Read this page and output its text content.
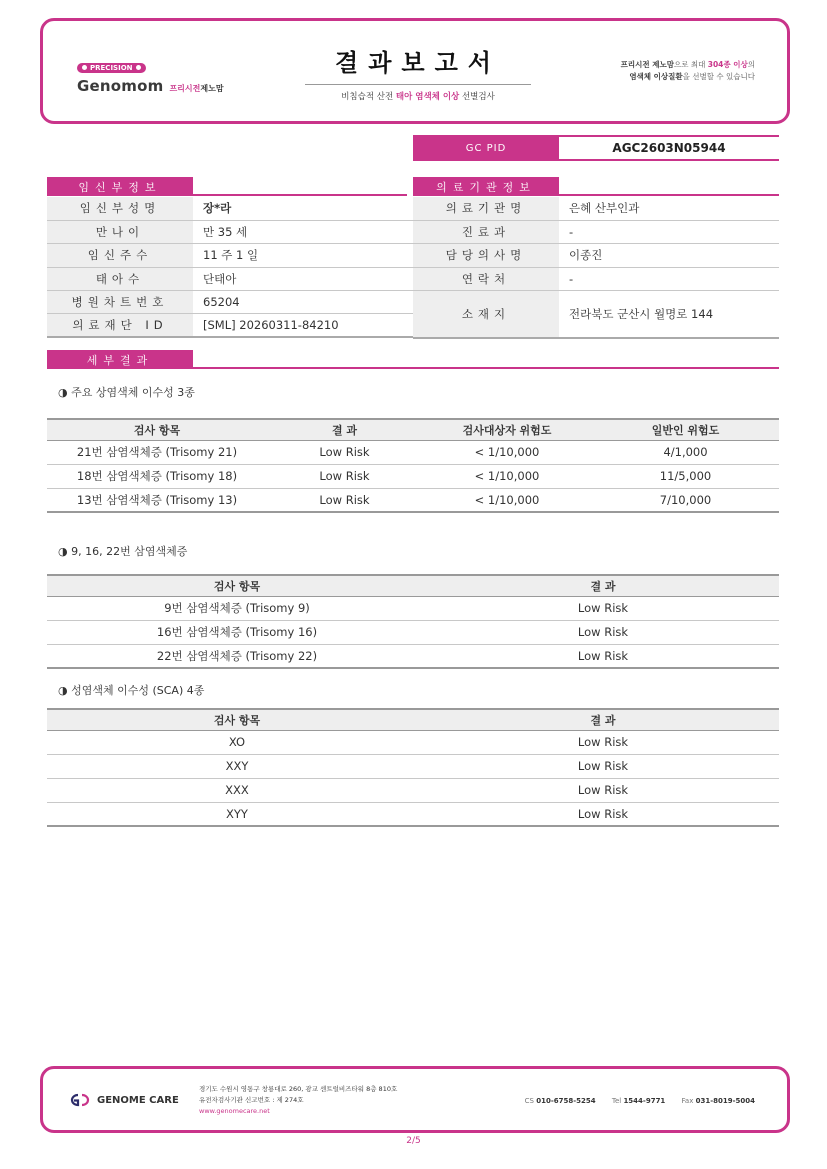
PRECISION
Genomom 프리시전제노맘
결과보고서
비침습적 산전 태아 염색체 이상 선별검사
프리시전 제노맘으로 최대 304종 이상의
염색체 이상질환을 선별할 수 있습니다
GC PID	AGC2603N05944
임신부정보
임신부성명	장*라
만나이	만 35 세
임신주수	11 주 1 일
태아수	단태아
병원차트번호	65204
의료재단 ID	[SML] 20260311-84210
의료기관정보
의료기관명	은혜 산부인과
진료과	-
담당의사명	이종진
연락처	-
소재지	전라북도 군산시 월명로 144
세부결과
◑ 주요 상염색체 이수성 3종
검사 항목	결 과	검사대상자 위험도	일반인 위험도
21번 삼염색체증 (Trisomy 21)	Low Risk	< 1/10,000	4/1,000
18번 삼염색체증 (Trisomy 18)	Low Risk	< 1/10,000	11/5,000
13번 삼염색체증 (Trisomy 13)	Low Risk	< 1/10,000	7/10,000
◑ 9, 16, 22번 삼염색체증
검사 항목	결 과
9번 삼염색체증 (Trisomy 9)	Low Risk
16번 삼염색체증 (Trisomy 16)	Low Risk
22번 삼염색체증 (Trisomy 22)	Low Risk
◑ 성염색체 이수성 (SCA) 4종
검사 항목	결 과
XO	Low Risk
XXY	Low Risk
XXX	Low Risk
XYY	Low Risk
GENOME CARE
경기도 수원시 영통구 창룡대로 260, 광교 센트럴비즈타워 8층 810호
유전자검사기관 신고번호 : 제 274호
www.genomecare.net
CS 010-6758-5254 Tel 1544-9771 Fax 031-8019-5004
2/5
